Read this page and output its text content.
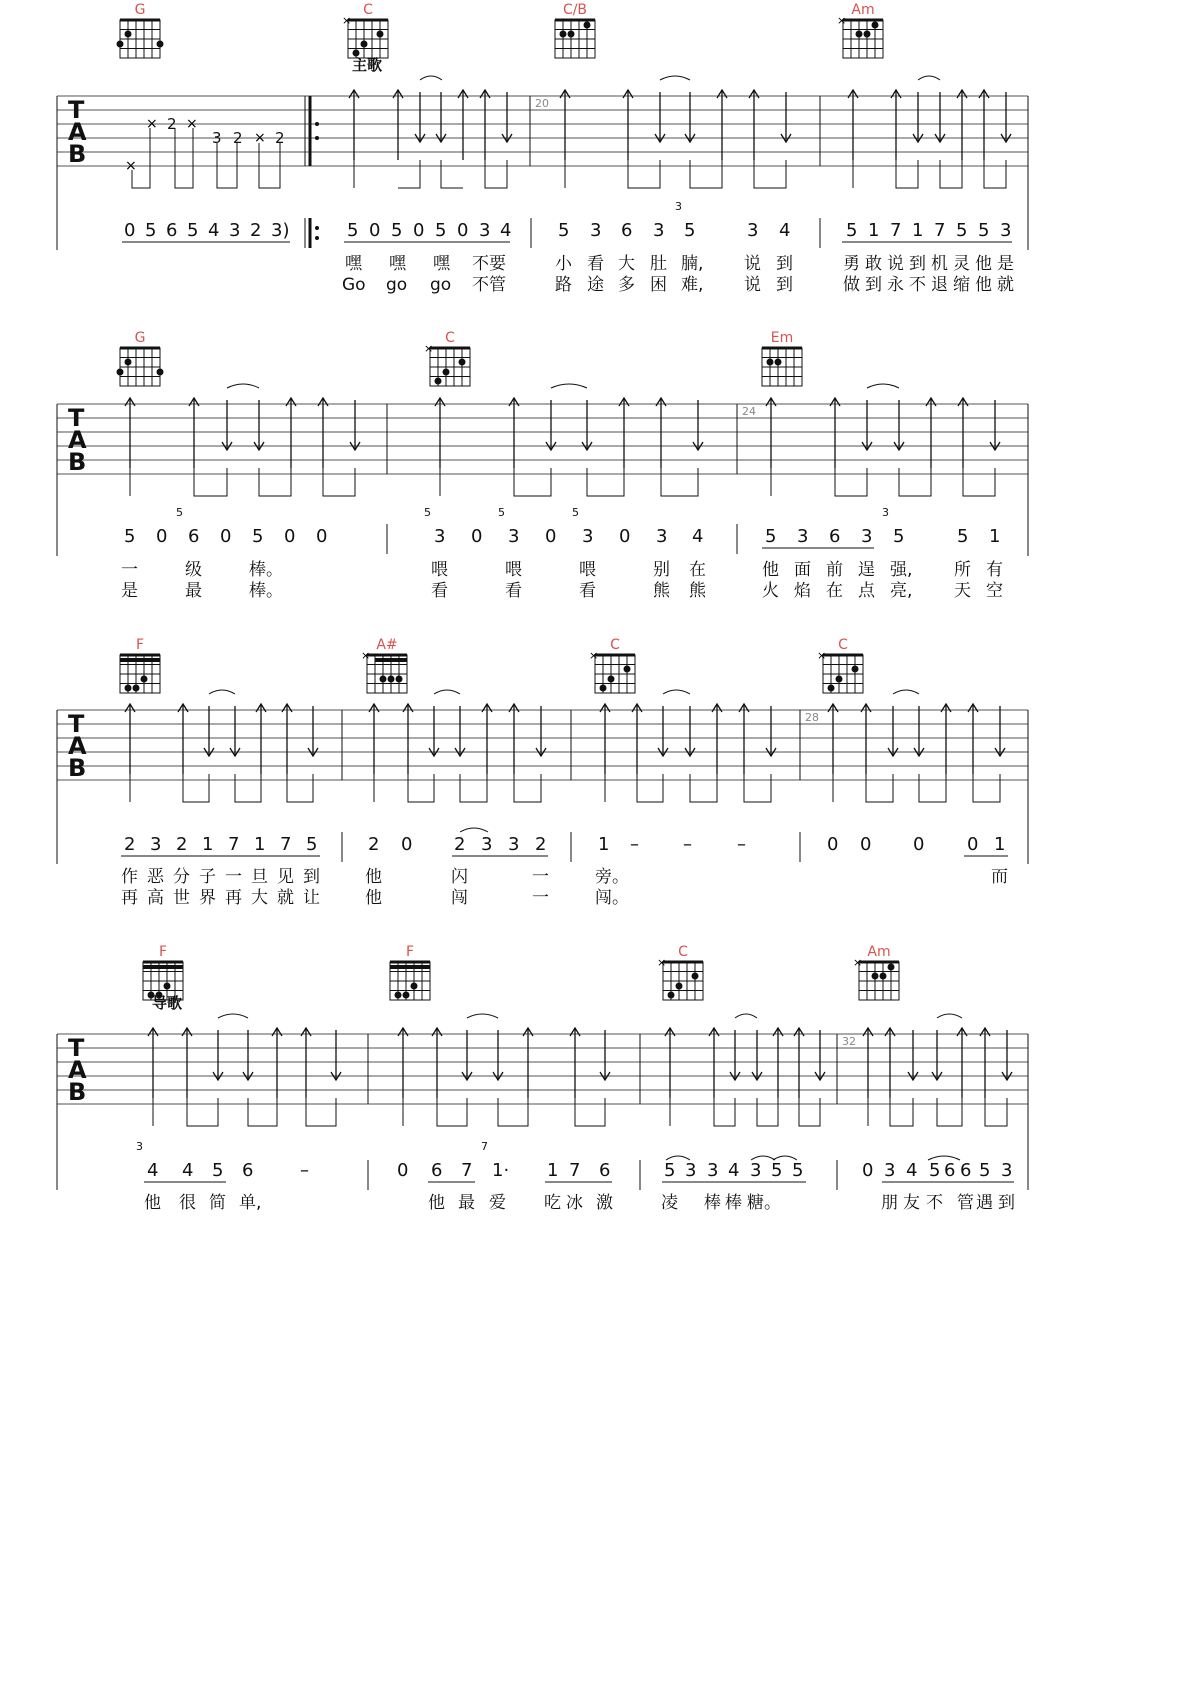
G	C
×
C/B	Am
×
主歌
T
A
B
20
×
× 2 ×
3 2 × 2
0 5 6 5 4 3 2 3)	5 0 5 0 5 0 3 4	5 3 6 3
3
5	3 4	5 1 7 1 7 5 5 3
嘿 嘿 嘿 不要
Go go go 不管
小 看 大 肚 腩, 说 到
路 途 多 困 难, 说 到
勇 敢 说 到 机 灵 他 是
做 到 永 不 退 缩 他 就
G	C
×
Em
T
A
B
24
5 0
5
6 0 5 0 0
5
3 0
5
3 0
5
3 0 3 4	5 3 6 3
3
5	5 1
一	级	棒。
是	最	棒。
喂	喂	喂	别 在
看	看	看	熊 熊
他 面 前 逞 强, 所 有
火 焰 在 点 亮, 天 空
F	A#
×
C
×
C
×
T
A
B
28
2 3 2 1 7 1 7 5	2 0 2 3 3 2	1 – –	–	0 0 0 0 1
作 恶 分 子 一 旦 见 到
再 高 世 界 再 大 就 让
他	闪	一
他	闯	一
旁。
闯。
而
F
导歌
F	C
×
Am
×
T
A
B
32
3
4 4 5 6	–	0 6 7
7
1· 1 7 6	5 3 3 4 3 5 5	0 3 4 5 6 6 5 3
他 很 简 单,	他 最 爱 吃 冰 激	凌 棒 棒 糖。	朋 友 不 管 遇 到
